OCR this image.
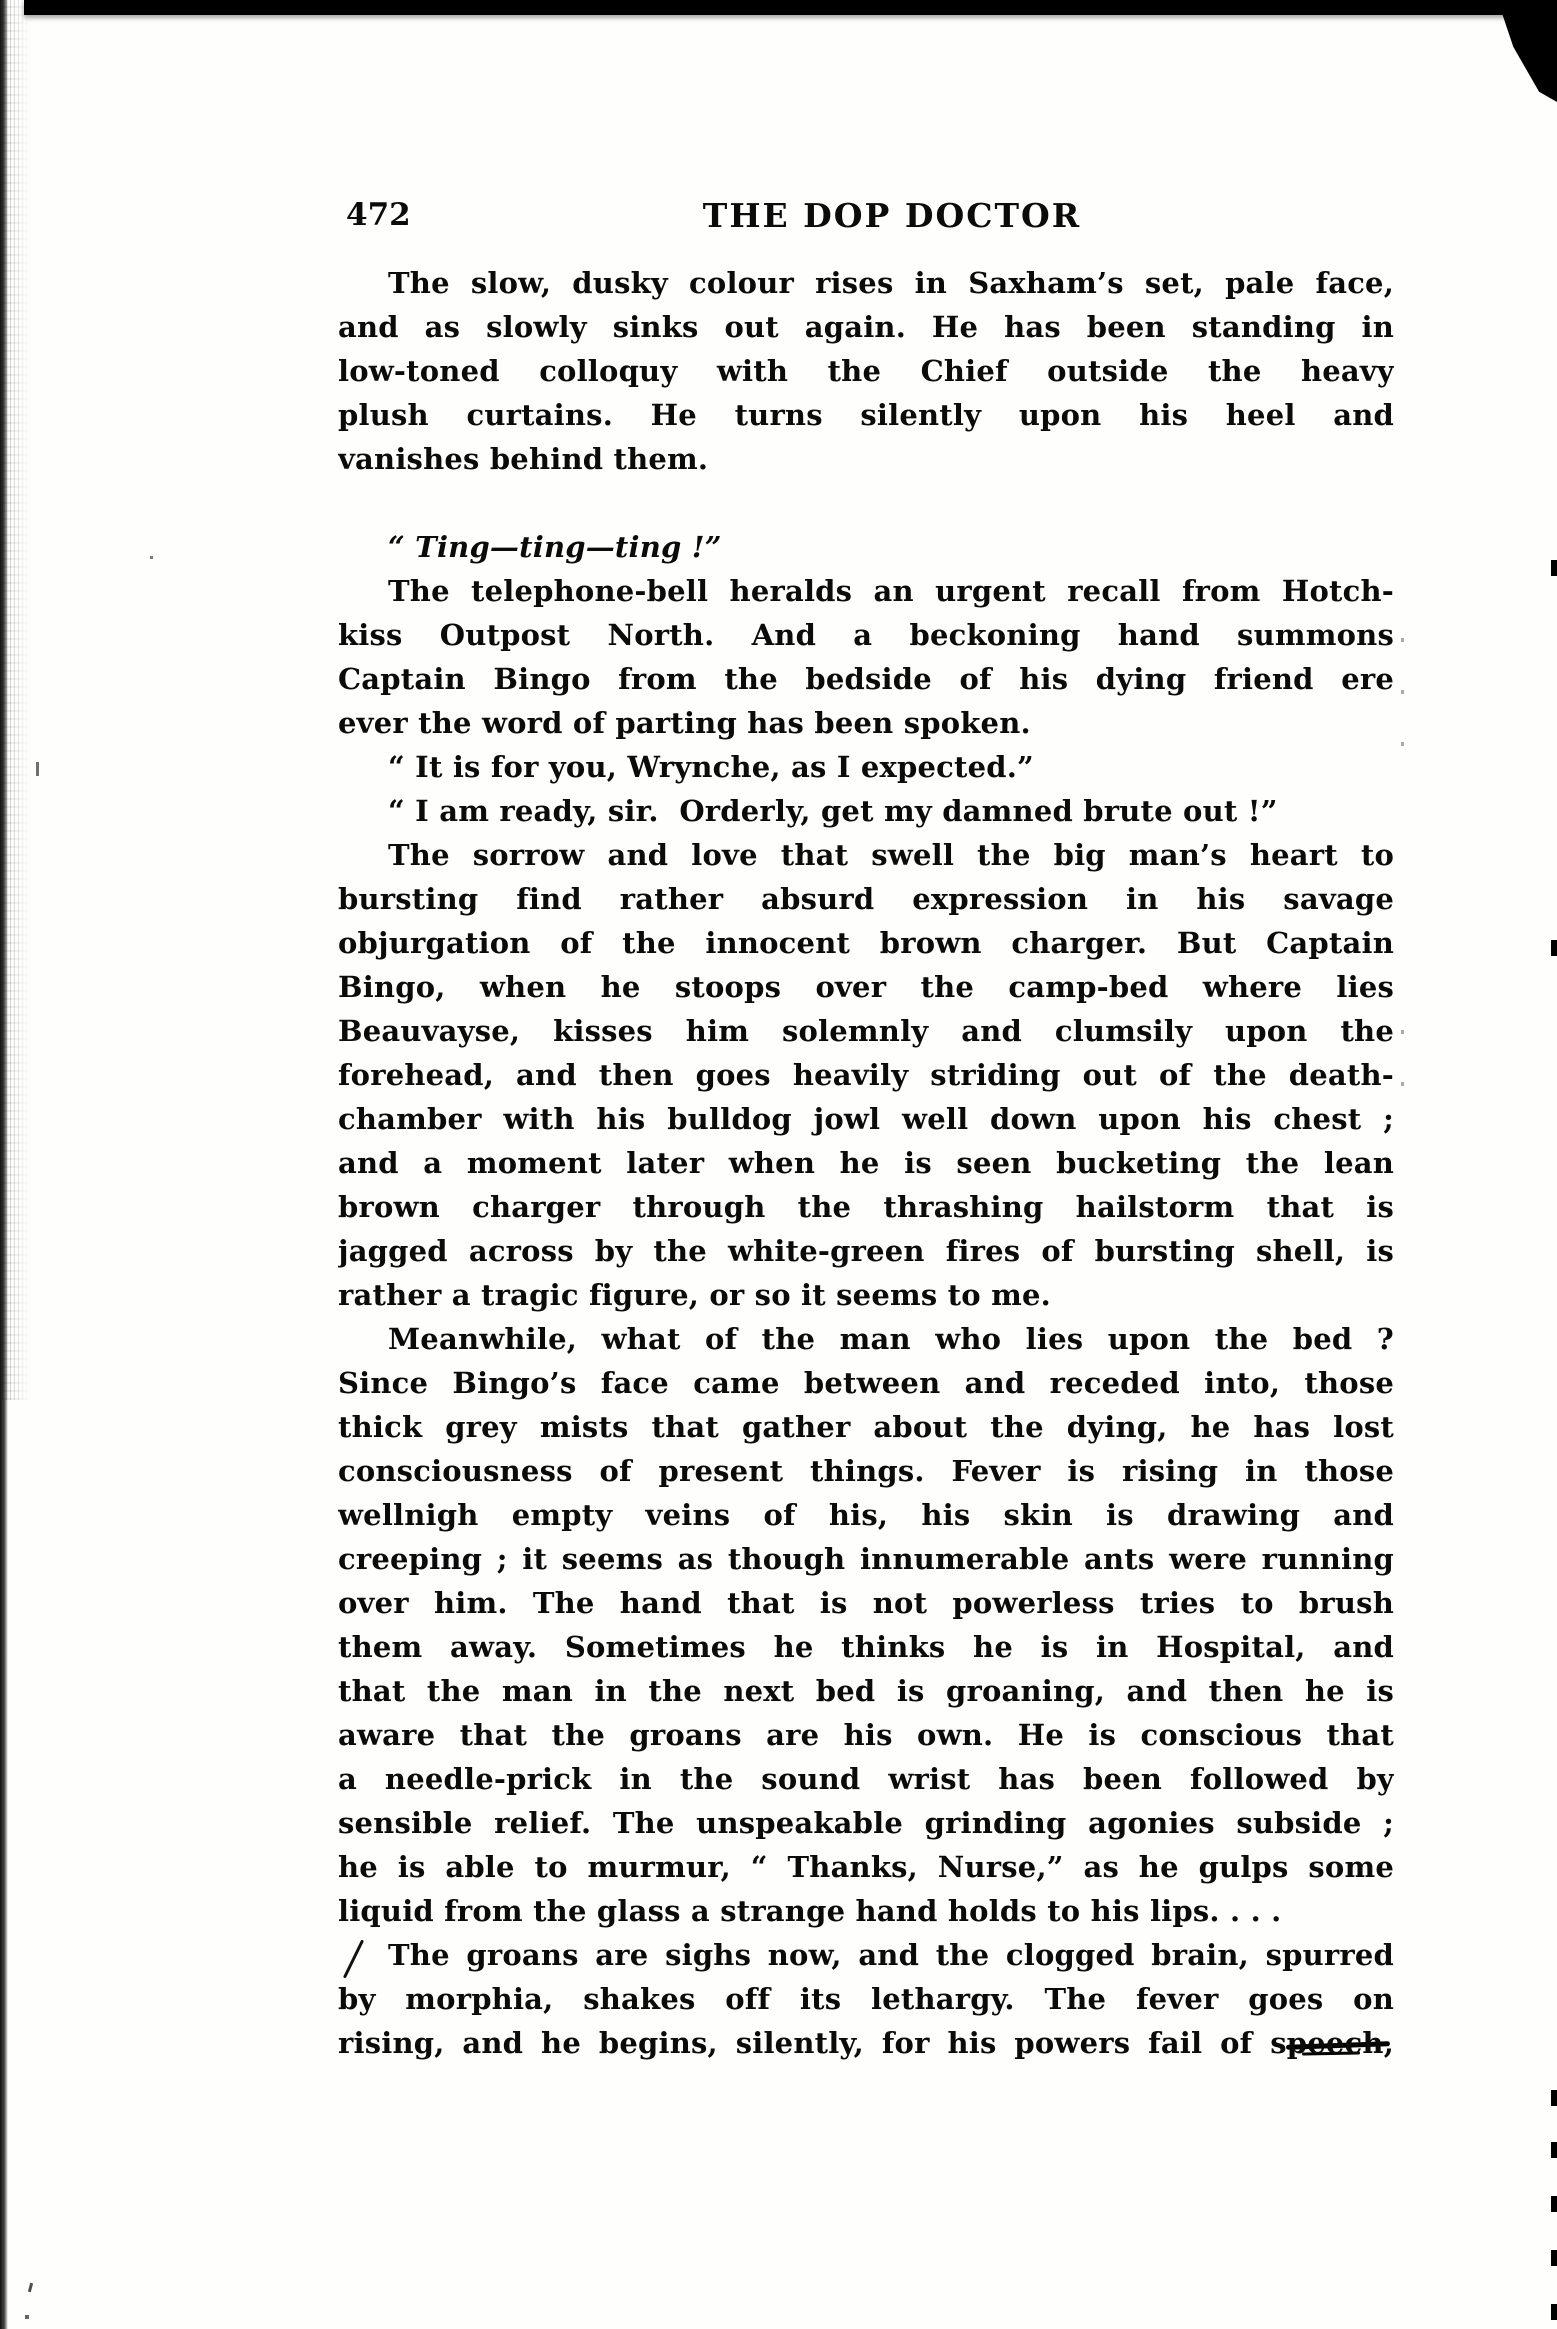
472	THE DOP DOCTOR
The slow, dusky colour rises in Saxham’s set, pale face,
and as slowly sinks out again. He has been standing in
low-toned colloquy with the Chief outside the heavy
plush curtains. He turns silently upon his heel and
vanishes behind them.
“ Ting—ting—ting !”
The telephone-bell heralds an urgent recall from Hotch-
kiss Outpost North. And a beckoning hand summons
Captain Bingo from the bedside of his dying friend ere
ever the word of parting has been spoken.
“ It is for you, Wrynche, as I expected.”
“ I am ready, sir.  Orderly, get my damned brute out !”
The sorrow and love that swell the big man’s heart to
bursting find rather absurd expression in his savage
objurgation of the innocent brown charger. But Captain
Bingo, when he stoops over the camp-bed where lies
Beauvayse, kisses him solemnly and clumsily upon the
forehead, and then goes heavily striding out of the death-
chamber with his bulldog jowl well down upon his chest ;
and a moment later when he is seen bucketing the lean
brown charger through the thrashing hailstorm that is
jagged across by the white-green fires of bursting shell, is
rather a tragic figure, or so it seems to me.
Meanwhile, what of the man who lies upon the bed ?
Since Bingo’s face came between and receded into, those
thick grey mists that gather about the dying, he has lost
consciousness of present things. Fever is rising in those
wellnigh empty veins of his, his skin is drawing and
creeping ; it seems as though innumerable ants were running
over him. The hand that is not powerless tries to brush
them away. Sometimes he thinks he is in Hospital, and
that the man in the next bed is groaning, and then he is
aware that the groans are his own. He is conscious that
a needle-prick in the sound wrist has been followed by
sensible relief. The unspeakable grinding agonies subside ;
he is able to murmur, “ Thanks, Nurse,” as he gulps some
liquid from the glass a strange hand holds to his lips. . . .
The groans are sighs now, and the clogged brain, spurred
by morphia, shakes off its lethargy. The fever goes on
rising, and he begins, silently, for his powers fail of speech,
